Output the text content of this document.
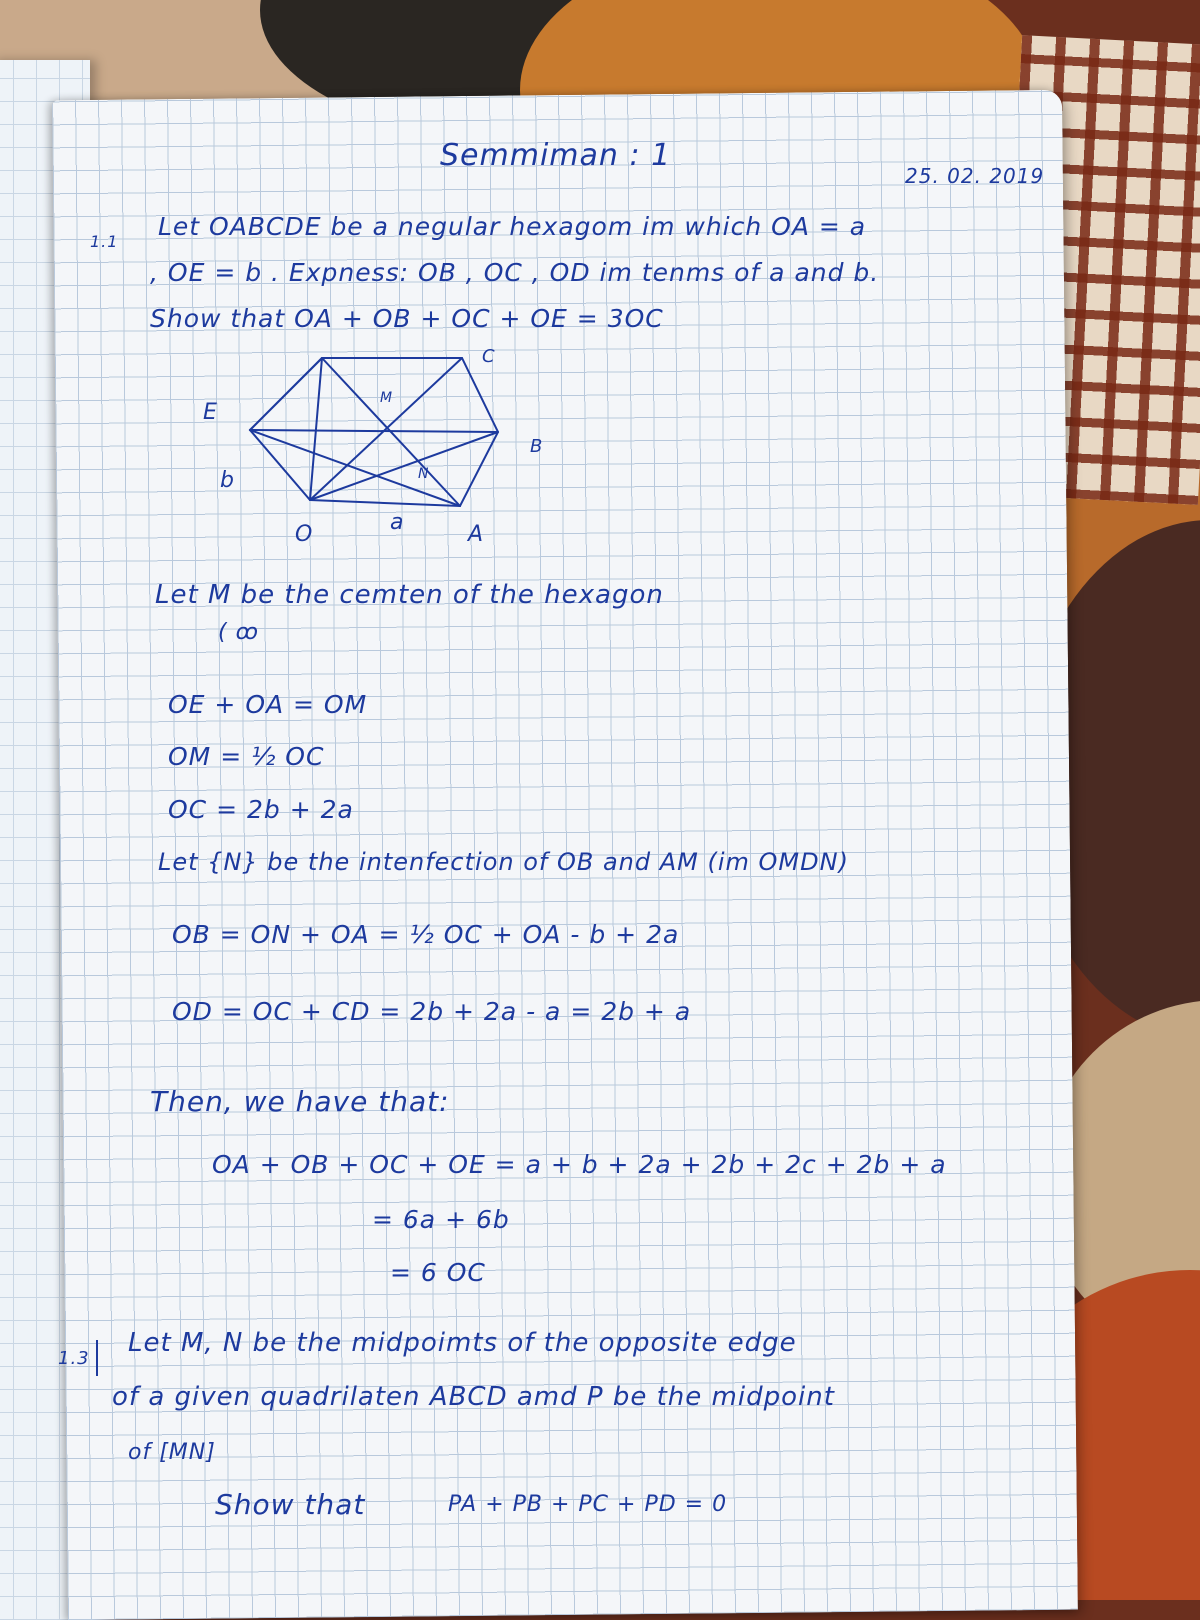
Semmiman : 1
25. 02. 2019
1.1
Let OABCDE be a negular hexagom im which OA = a
, OE = b . Expness: OB , OC , OD im tenms of a and b.
Show that OA + OB + OC + OE = 3OC
C
B
M
N
E
b
O	a	A
Let M be the cemten of the hexagon
( ꝏ
OE + OA = OM
OM = ½ OC
OC = 2b + 2a
Let {N} be the intenfection of OB and AM (im OMDN)
OB = ON + OA = ½ OC + OA - b + 2a
OD = OC + CD = 2b + 2a - a = 2b + a
Then, we have that:
OA + OB + OC + OE = a + b + 2a + 2b + 2c + 2b + a
= 6a + 6b
= 6 OC
1.3
Let M, N be the midpoimts of the opposite edge
of a given quadrilaten ABCD amd P be the midpoint
of [MN]
Show that	PA + PB + PC + PD = 0
